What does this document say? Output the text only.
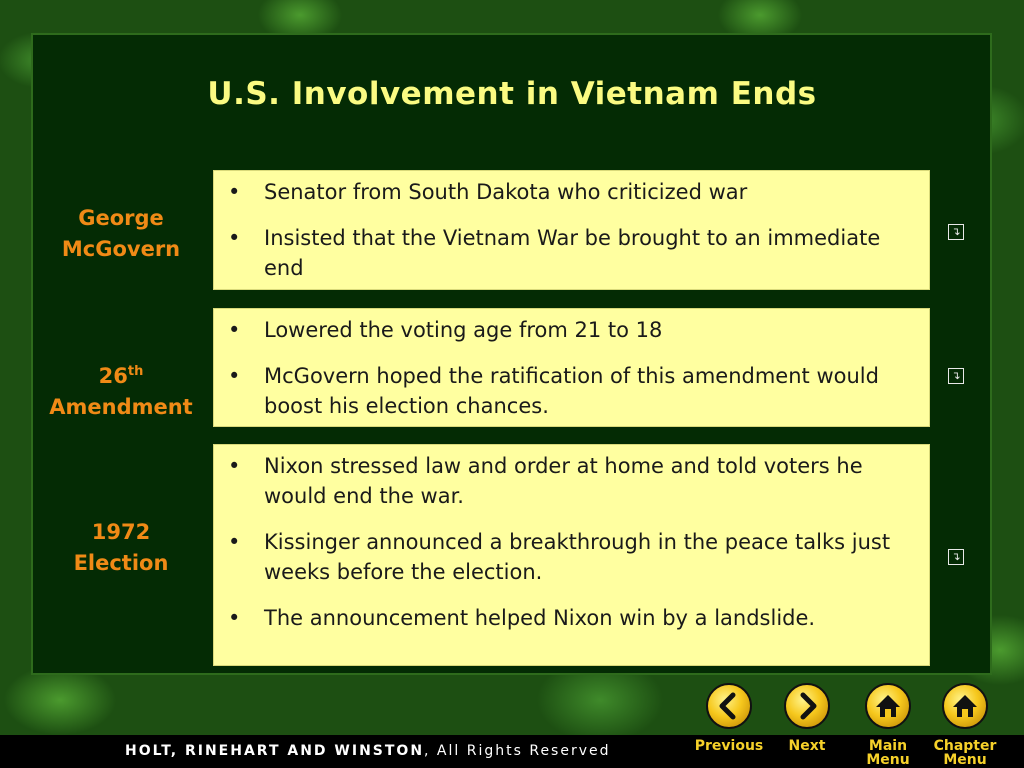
U.S. Involvement in Vietnam Ends
George
McGovern
• Senator from South Dakota who criticized war
• Insisted that the Vietnam War be brought to an immediate end
↴
26th
Amendment
• Lowered the voting age from 21 to 18
• McGovern hoped the ratification of this amendment would boost his election chances.
↴
1972
Election
• Nixon stressed law and order at home and told voters he would end the war.
• Kissinger announced a breakthrough in the peace talks just weeks before the election.
• The announcement helped Nixon win by a landslide.
↴
HOLT, RINEHART AND WINSTON, All Rights Reserved	Previous	Next	Main
Menu
Chapter
Menu
